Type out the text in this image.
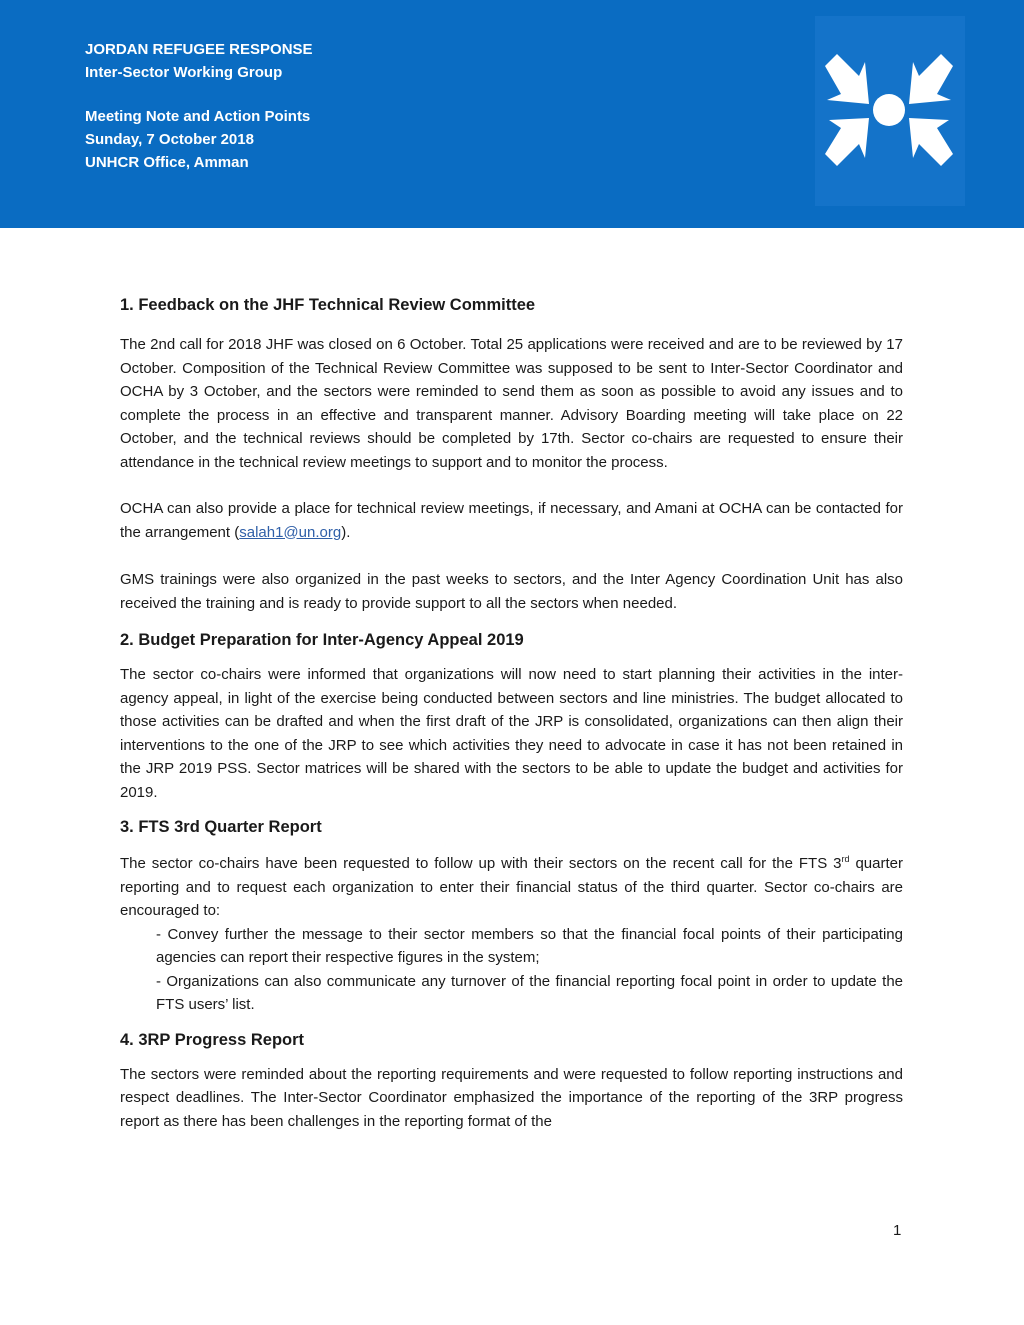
JORDAN REFUGEE RESPONSE
Inter-Sector Working Group
Meeting Note and Action Points
Sunday, 7 October 2018
UNHCR Office, Amman
1. Feedback on the JHF Technical Review Committee

The 2nd call for 2018 JHF was closed on 6 October. Total 25 applications were received and are to be reviewed by 17 October. Composition of the Technical Review Committee was supposed to be sent to Inter-Sector Coordinator and OCHA by 3 October, and the sectors were reminded to send them as soon as possible to avoid any issues and to complete the process in an effective and transparent manner. Advisory Boarding meeting will take place on 22 October, and the technical reviews should be completed by 17th. Sector co-chairs are requested to ensure their attendance in the technical review meetings to support and to monitor the process.

OCHA can also provide a place for technical review meetings, if necessary, and Amani at OCHA can be contacted for the arrangement (salah1@un.org).

GMS trainings were also organized in the past weeks to sectors, and the Inter Agency Coordination Unit has also received the training and is ready to provide support to all the sectors when needed.

2. Budget Preparation for Inter-Agency Appeal 2019

The sector co-chairs were informed that organizations will now need to start planning their activities in the inter-agency appeal, in light of the exercise being conducted between sectors and line ministries. The budget allocated to those activities can be drafted and when the first draft of the JRP is consolidated, organizations can then align their interventions to the one of the JRP to see which activities they need to advocate in case it has not been retained in the JRP 2019 PSS. Sector matrices will be shared with the sectors to be able to update the budget and activities for 2019.

3. FTS 3rd Quarter Report

The sector co-chairs have been requested to follow up with their sectors on the recent call for the FTS 3rd quarter reporting and to request each organization to enter their financial status of the third quarter. Sector co-chairs are encouraged to:

- Convey further the message to their sector members so that the financial focal points of their participating agencies can report their respective figures in the system;
- Organizations can also communicate any turnover of the financial reporting focal point in order to update the FTS users’ list.
4. 3RP Progress Report

The sectors were reminded about the reporting requirements and were requested to follow reporting instructions and respect deadlines. The Inter-Sector Coordinator emphasized the importance of the reporting of the 3RP progress report as there has been challenges in the reporting format of the

1
